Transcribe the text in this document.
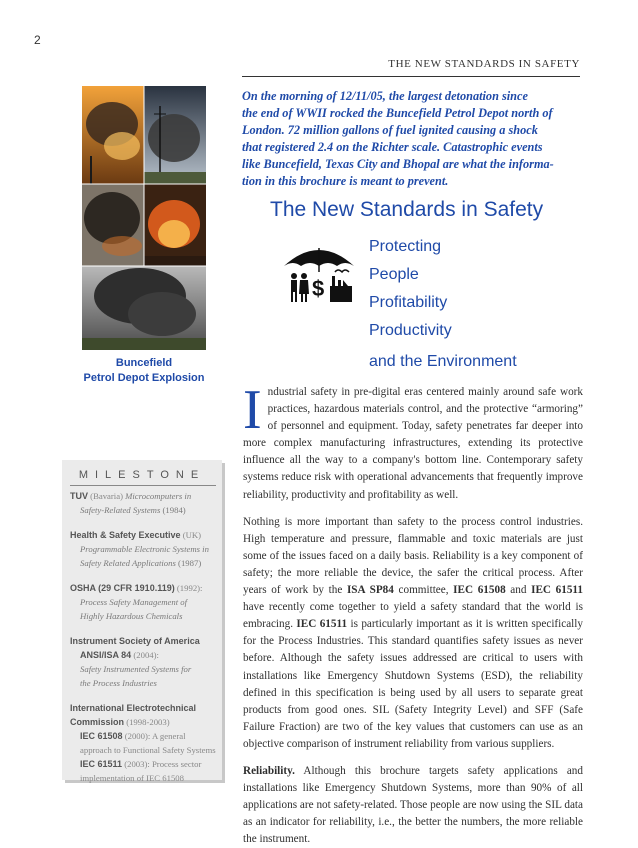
2
THE NEW STANDARDS IN SAFETY
Buncefield
Petrol Depot Explosion
On the morning of 12/11/05, the largest detonation since
the end of WWII rocked the Buncefield Petrol Depot north of
London. 72 million gallons of fuel ignited causing a shock
that registered 2.4 on the Richter scale. Catastrophic events
like Buncefield, Texas City and Bhopal are what the informa-
tion in this brochure is meant to prevent.
The New Standards in Safety
$
Protecting
People
Profitability
Productivity
and the Environment

Industrial safety in pre-digital eras centered mainly around safe work practices, hazardous materials control, and the protective “armoring” of personnel and equipment. Today, safety penetrates far deeper into more complex manufacturing infrastructures, extending its protective influence all the way to a company's bottom line. Contemporary safety systems reduce risk with operational advancements that frequently improve reliability, productivity and profitability as well.

Nothing is more important than safety to the process control industries. High temperature and pressure, flammable and toxic materials are just some of the issues faced on a daily basis. Reliability is a key component of safety; the more reliable the device, the safer the critical process. After years of work by the ISA SP84 committee, IEC 61508 and IEC 61511 have recently come together to yield a safety standard that the world is embracing. IEC 61511 is particularly important as it is written specifically for the Process Industries. This standard quantifies safety issues as never before. Although the safety issues addressed are critical to users with installations like Emergency Shutdown Systems (ESD), the reliability defined in this specification is being used by all users to separate great products from good ones. SIL (Safety Integrity Level) and SFF (Safe Failure Fraction) are two of the key values that customers can use as an objective comparison of instrument reliability from various suppliers.

Reliability. Although this brochure targets safety applications and installations like Emergency Shutdown Systems, more than 90% of all applications are not safety-related. Those people are now using the SIL data as an indicator for reliability, i.e., the better the numbers, the more reliable the instrument.

MILESTONE
TUV (Bavaria) Microcomputers in
Safety-Related Systems (1984)
Health & Safety Executive (UK)
Programmable Electronic Systems in
Safety Related Applications (1987)
OSHA (29 CFR 1910.119) (1992):
Process Safety Management of
Highly Hazardous Chemicals
Instrument Society of America
ANSI/ISA 84 (2004):
Safety Instrumented Systems for
the Process Industries
International Electrotechnical
Commission (1998-2003)
IEC 61508 (2000): A general
approach to Functional Safety Systems
IEC 61511 (2003): Process sector
implementation of IEC 61508
